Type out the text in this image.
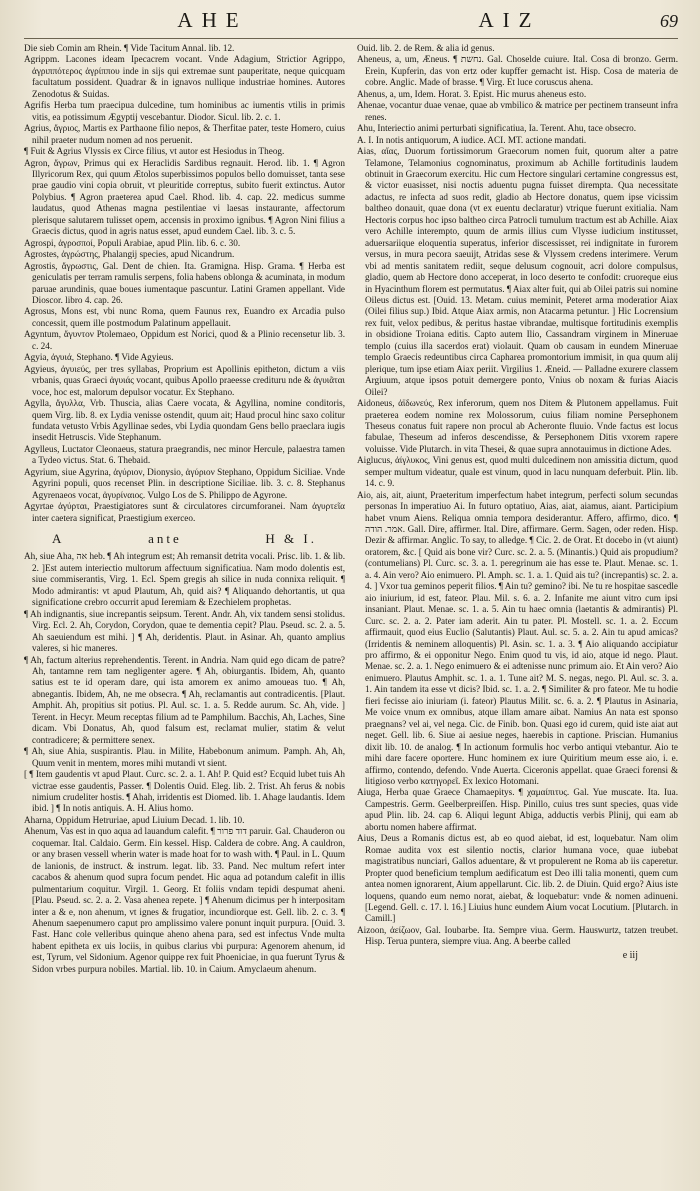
AHE	AIZ	69

Die sieb Comin am Rhein. ¶ Vide Tacitum Annal. lib. 12.

Agrippm. Lacones ideam Ipecacrem vocant. Vnde Adagium, Strictior Agrippo, ἀγριππότερος ἀγρίππου inde in sijs qui extremae sunt pauperitate, neque quicquam facultatum possident. Quadrar & in ignavos nullique industriae homines. Autores Zenodotus & Suidas.

Agrifis Herba tum praecipua dulcedine, tum hominibus ac iumentis vtilis in primis vitis, ea potissimum Ægyptij vescebantur. Diodor. Sicul. lib. 2. c. 1.

Agrius, ἄγριος, Martis ex Parthaone filio nepos, & Therfitae pater, teste Homero, cuius nihil praeter nudum nomen ad nos peruenit.

¶ Fuit & Agrius Vlyssis ex Circe filius, vt autor est Hesiodus in Theog.

Agron, ἄγρων, Primus qui ex Heraclidis Sardibus regnauit. Herod. lib. 1. ¶ Agron Illyricorum Rex, qui quum Ætolos superbissimos populos bello domuisset, tanta sese prae gaudio vini copia obruit, vt pleuritide correptus, subito fuerit extinctus. Autor Polybius. ¶ Agron praeterea apud Cael. Rhod. lib. 4. cap. 22. medicus summe laudatus, quod Athenas magna pestilentiae vi laesas instaurante, affectorum plerisque salutarem tulisset opem, accensis in proximo ignibus. ¶ Agron Nini filius a Graecis dictus, quod in agris natus esset, apud eundem Cael. lib. 3. c. 5.

Agrospi, ἀγροσποί, Populi Arabiae, apud Plin. lib. 6. c. 30.

Agrostes, ἀγρώστης, Phalangij species, apud Nicandrum.

Agrostis, ἄγρωστις, Gal. Dent de chien. Ita. Gramigna. Hisp. Grama. ¶ Herba est geniculatis per terram ramulis serpens, folia habens oblonga & acuminata, in modum paruae arundinis, quae boues iumentaque pascuntur. Latini Gramen appellant. Vide Dioscor. libro 4. cap. 26.

Agrosus, Mons est, vbi nunc Roma, quem Faunus rex, Euandro ex Arcadia pulso concessit, quem ille postmodum Palatinum appellauit.

Agyntum, ἄγυντον Ptolemaeo, Oppidum est Norici, quod & a Plinio recensetur lib. 3. c. 24.

Agyia, ἀγυιά, Stephano. ¶ Vide Agyieus.

Agyieus, ἀγυιεύς, per tres syllabas, Proprium est Apollinis epitheton, dictum a viis vrbanis, quas Graeci ἀγυιάς vocant, quibus Apollo praeesse credituru nde & ἀγυιᾶται voce, hoc est, malorum depulsor vocatur. Ex Stephano.

Agylla, ἄγυλλα, Vrb. Thuscia, alias Caere vocata, & Agyllina, nomine conditoris, quem Virg. lib. 8. ex Lydia venisse ostendit, quum ait; Haud procul hinc saxo colitur fundata vetusto Vrbis Agyllinae sedes, vbi Lydia quondam Gens bello praeclara iugis insedit Hetruscis. Vide Stephanum.

Agylleus, Luctator Cleonaeus, statura praegrandis, nec minor Hercule, palaestra tamen a Tydeo victus. Stat. 6. Thebaid.

Agyrium, siue Agyrina, ἀγύριον, Dionysio, ἀγύριον Stephano, Oppidum Siciliae. Vnde Agyrini populi, quos recenset Plin. in descriptione Siciliae. lib. 3. c. 8. Stephanus Agyrenaeos vocat, ἀγυρίναιος. Vulgo Los de S. Philippo de Agyrone.

Agyrtae ἀγύρται, Praestigiatores sunt & circulatores circumforanei. Nam ἀγυρτεῖα inter caetera significat, Praestigium exerceo.

A	ante	H & I.

Ah, siue Aha, אה heb. ¶ Ah integrum est; Ah remansit detrita vocali. Prisc. lib. 1. & lib. 2. ]Est autem interiectio multorum affectuum significatiua. Nam modo dolentis est, siue commiserantis, Virg. 1. Ecl. Spem gregis ah silice in nuda connixa reliquit. ¶ Modo admirantis: vt apud Plautum, Ah, quid ais? ¶ Aliquando dehortantis, ut qua significatione crebro occurrit apud Ieremiam & Ezechielem prophetas.

¶ Ah indignantis, siue increpantis seipsum. Terent. Andr. Ah, vix tandem sensi stolidus. Virg. Ecl. 2. Ah, Corydon, Corydon, quae te dementia cepit? Plau. Pseud. sc. 2. a. 5. Ah saeuiendum est mihi. ] ¶ Ah, deridentis. Plaut. in Asinar. Ah, quanto amplius valeres, si hic maneres.

¶ Ah, factum alterius reprehendentis. Terent. in Andria. Nam quid ego dicam de patre? Ah, tantamne rem tam negligenter agere. ¶ Ah, obiurgantis. Ibidem, Ah, quanto satius est te id operam dare, qui ista amorem ex animo amoueas tuo. ¶ Ah, abnegantis. Ibidem, Ah, ne me obsecra. ¶ Ah, reclamantis aut contradicentis. [Plaut. Amphit. Ah, propitius sit potius. Pl. Aul. sc. 1. a. 5. Redde aurum. Sc. Ah, vide. ] Terent. in Hecyr. Meum receptas filium ad te Pamphilum. Bacchis, Ah, Laches, Sine dicam. Vbi Donatus, Ah, quod falsum est, reclamat mulier, statim & velut contradicere; & permittere senex.

¶ Ah, siue Ahia, suspirantis. Plau. in Milite, Habebonum animum. Pamph. Ah, Ah, Quum venit in mentem, mores mihi mutandi vt sient.

[ ¶ Item gaudentis vt apud Plaut. Curc. sc. 2. a. 1. Ah! P. Quid est? Ecquid lubet tuis Ah victrae esse gaudentis, Passer. ¶ Dolentis Ouid. Eleg. lib. 2. Trist. Ah ferus & nobis nimium crudeliter hostis. ¶ Ahah, irridentis est Diomed. lib. 1. Ahage laudantis. Idem ibid. ] ¶ In notis antiquis. A. H. Alius homo.

Aharna, Oppidum Hetruriae, apud Liuium Decad. 1. lib. 10.

Ahenum, Vas est in quo aqua ad lauandum calefit. ¶ דוד פרור paruir. Gal. Chauderon ou coquemar. Ital. Caldaio. Germ. Ein kessel. Hisp. Caldera de cobre. Ang. A cauldron, or any brasen vessell wherin water is made hoat for to wash with. ¶ Paul. in L. Quum de lanionis, de instruct. & instrum. legat. lib. 33. Pand. Nec multum refert inter cacabos & ahenum quod supra focum pendet. Hic aqua ad potandum calefit in illis pulmentarium coquitur. Virgil. 1. Georg. Et foliis vndam tepidi despumat aheni. [Plau. Pseud. sc. 2. a. 2. Vasa ahenea repete. ] ¶ Ahenum dicimus per h interpositam inter a & e, non ahenum, vt ignes & frugatior, incundiorque est. Gell. lib. 2. c. 3. ¶ Ahenum saepenumero caput pro amplissimo valere ponunt inquit purpura. [Ouid. 3. Fast. Hanc cole velleribus quinque aheno ahena para, sed est infectus Vnde multa habent epitheta ex uis lociis, in quibus clarius vbi purpura: Agenorem ahenum, id est, Tyrum, vel Sidonium. Agenor quippe rex fuit Phoeniciae, in qua fuerunt Tyrus & Sidon vrbes purpura nobiles. Martial. lib. 10. in Caium. Amyclaeum ahenum.

Ouid. lib. 2. de Rem. & alia id genus.

Aheneus, a, um, Æneus. ¶ נחשת. Gal. Choselde cuiure. Ital. Cosa di bronzo. Germ. Erein, Kupferin, das von ertz oder kupffer gemacht ist. Hisp. Cosa de materia de cobre. Anglic. Made of brasse. ¶ Virg. Et luce coruscus ahena.

Ahenus, a, um, Idem. Horat. 3. Epist. Hic murus aheneus esto.

Ahenae, vocantur duae venae, quae ab vmbilico & matrice per pectinem transeunt infra renes.

Ahu, Interiectio animi perturbati significatiua, Ia. Terent. Ahu, tace obsecro.

A. I. In notis antiquorum, A iudice. ACI. MT. actione mandati.

Aias, αἴας, Duorum fortissimorum Graecorum nomen fuit, quorum alter a patre Telamone, Telamonius cognominatus, proximum ab Achille fortitudinis laudem obtinuit in Graecorum exercitu. Hic cum Hectore singulari certamine congressus est, & victor euasisset, nisi noctis aduentu pugna fuisset dirempta. Qua necessitate adactus, re infecta ad suos redit, gladio ab Hectore donatus, quem ipse vicissim baltheo donauit, quae dona (vt ex euentu declaratur) vtrique fuerunt exitialia. Nam Hectoris corpus hoc ipso baltheo circa Patrocli tumulum tractum est ab Achille. Aiax vero Achille interempto, quum de armis illius cum Vlysse iudicium institusset, aduersariique eloquentia superatus, inferior discessisset, rei indignitate in furorem versus, in mura pecora saeuijt, Atridas sese & Vlyssem credens interimere. Verum vbi ad mentis sanitatem rediit, seque delusum cognouit, acri dolore compulsus, gladio, quem ab Hectore dono acceperat, in loco deserto te confodit: cruoreque eius in Hyacinthum florem est permutatus. ¶ Aiax alter fuit, qui ab Oilei patris sui nomine Oileus dictus est. [Ouid. 13. Metam. cuius meminit, Peteret arma moderatior Aiax (Oilei filius sup.) Ibid. Atque Aiax armis, non Atacarma petuntur. ] Hic Locrensium rex fuit, velox pedibus, & peritus hastae vibrandae, multisque fortitudinis exemplis in obsidione Troiana editis. Capto autem Ilio, Cassandram virginem in Mineruae templo (cuius illa sacerdos erat) violauit. Quam ob causam in eundem Mineruae templo Graecis redeuntibus circa Capharea promontorium immisit, in qua quum alij plerique, tum ipse etiam Aiax periit. Virgilius 1. Æneid. — Palladne exurere classem Argiuum, atque ipsos potuit demergere ponto, Vnius ob noxam & furias Aiacis Oilei?

Aidoneus, ἀϊδωνεύς, Rex inferorum, quem nos Ditem & Plutonem appellamus. Fuit praeterea eodem nomine rex Molossorum, cuius filiam nomine Persephonem Theseus conatus fuit rapere non procul ab Acheronte fluuio. Vnde factus est locus fabulae, Theseum ad inferos descendisse, & Persephonem Ditis vxorem rapere voluisse. Vide Plutarch. in vita Thesei, & quae supra annotauimus in dictione Ades.

Aiglucus, ἀίγλυκος, Vini genus est, quod multi dulcedinem non amissitia dictum, quod semper multum videatur, quale est vinum, quod in lacu nunquam deferbuit. Plin. lib. 14. c. 9.

Aio, ais, ait, aiunt, Praeteritum imperfectum habet integrum, perfecti solum secundas personas In imperatiuo Ai. In futuro optatiuo, Aias, aiat, aiamus, aiant. Participium habet vnum Aiens. Reliqua omnia tempora desiderantur. Affero, affirmo, dico. ¶ אמר. הודה. Gall. Dire, affirmer. Ital. Dire, affirmare. Germ. Sagen, oder reden. Hisp. Dezir & affirmar. Anglic. To say, to alledge. ¶ Cic. 2. de Orat. Et docebo in (vt aiunt) oratorem, &c. [ Quid ais bone vir? Curc. sc. 2. a. 5. (Minantis.) Quid ais propudium? (contumelians) Pl. Curc. sc. 3. a. 1. peregrinum aie has esse te. Plaut. Menae. sc. 1. a. 4. Ain vero? Aio enimuero. Pl. Amph. sc. 1. a. 1. Quid ais tu? (increpantis) sc. 2. a. 4. ] Vxor tua geminos peperit filios. ¶ Ain tu? gemino? ibi. Ne tu re hospitae sascedle aio iniurium, id est, fateor. Plau. Mil. s. 6. a. 2. Infanite me aiunt vitro cum ipsi insaniant. Plaut. Menae. sc. 1. a. 5. Ain tu haec omnia (laetantis & admirantis) Pl. Curc. sc. 2. a. 2. Pater iam aderit. Ain tu pater. Pl. Mostell. sc. 1. a. 2. Eccum affirmauit, quod eius Euclio (Salutantis) Plaut. Aul. sc. 5. a. 2. Ain tu apud amicas? (Irridentis & neminem alloquentis) Pl. Asin. sc. 1. a. 3. ¶ Aio aliquando accipiatur pro affirmo, & ei opponitur Nego. Enim quod tu vis, id aio, atque id nego. Plaut. Menae. sc. 2. a. 1. Nego enimuero & ei adtenisse nunc primum aio. Et Ain vero? Aio enimuero. Plautus Amphit. sc. 1. a. 1. Tune ait? M. S. negas, nego. Pl. Aul. sc. 3. a. 1. Ain tandem ita esse vt dicis? Ibid. sc. 1. a. 2. ¶ Similiter & pro fateor. Me tu hodie fieri fecisse aio iniuriam (i. fateor) Plautus Milit. sc. 6. a. 2. ¶ Plautus in Asinaria, Me voice vnum ex omnibus, atque illam amare aibat. Namius An nata est sponso praegnans? vel ai, vel nega. Cic. de Finib. bon. Quasi ego id curem, quid iste aiat aut neget. Gell. lib. 6. Siue ai aesiue neges, haerebis in captione. Priscian. Humanius dixit lib. 10. de analog. ¶ In actionum formulis hoc verbo antiqui vtebantur. Aio te mihi dare facere oportere. Hunc hominem ex iure Quiritium meum esse aio, i. e. affirmo, contendo, defendo. Vnde Auerta. Ciceronis appellat. quae Graeci forensi & litigioso verbo κατηγορεῖ. Ex lexico Hotomani.

Aiuga, Herba quae Graece Chamaepitys. ¶ χαμαίπιτυς. Gal. Yue muscate. Ita. Iua. Campestris. Germ. Geelberpreiſſen. Hisp. Pinillo, cuius tres sunt species, quas vide apud Plin. lib. 24. cap 6. Aliqui legunt Abiga, adductis verbis Plinij, qui eam ab abortu nomen habere affirmat.

Aius, Deus a Romanis dictus est, ab eo quod aiebat, id est, loquebatur. Nam olim Romae audita vox est silentio noctis, clarior humana voce, quae iubebat magistratibus nunciari, Gallos aduentare, & vt propulerent ne Roma ab iis caperetur. Propter quod beneficium templum aedificatum est Deo illi talia monenti, quem cum antea nomen ignorarent, Aium appellarunt. Cic. lib. 2. de Diuin. Quid ergo? Aius iste loquens, quando eum nemo norat, aiebat, & loquebatur: vnde & nomen adinueni. [Legend. Gell. c. 17. l. 16.] Liuius hunc eundem Aium vocat Locutium. [Plutarch. in Camill.]

Aizoon, ἀείζωον, Gal. Ioubarbe. Ita. Sempre viua. Germ. Hauswurtz, tatzen treubet. Hisp. Terua puntera, siempre viua. Ang. A beerbe called

e iij
